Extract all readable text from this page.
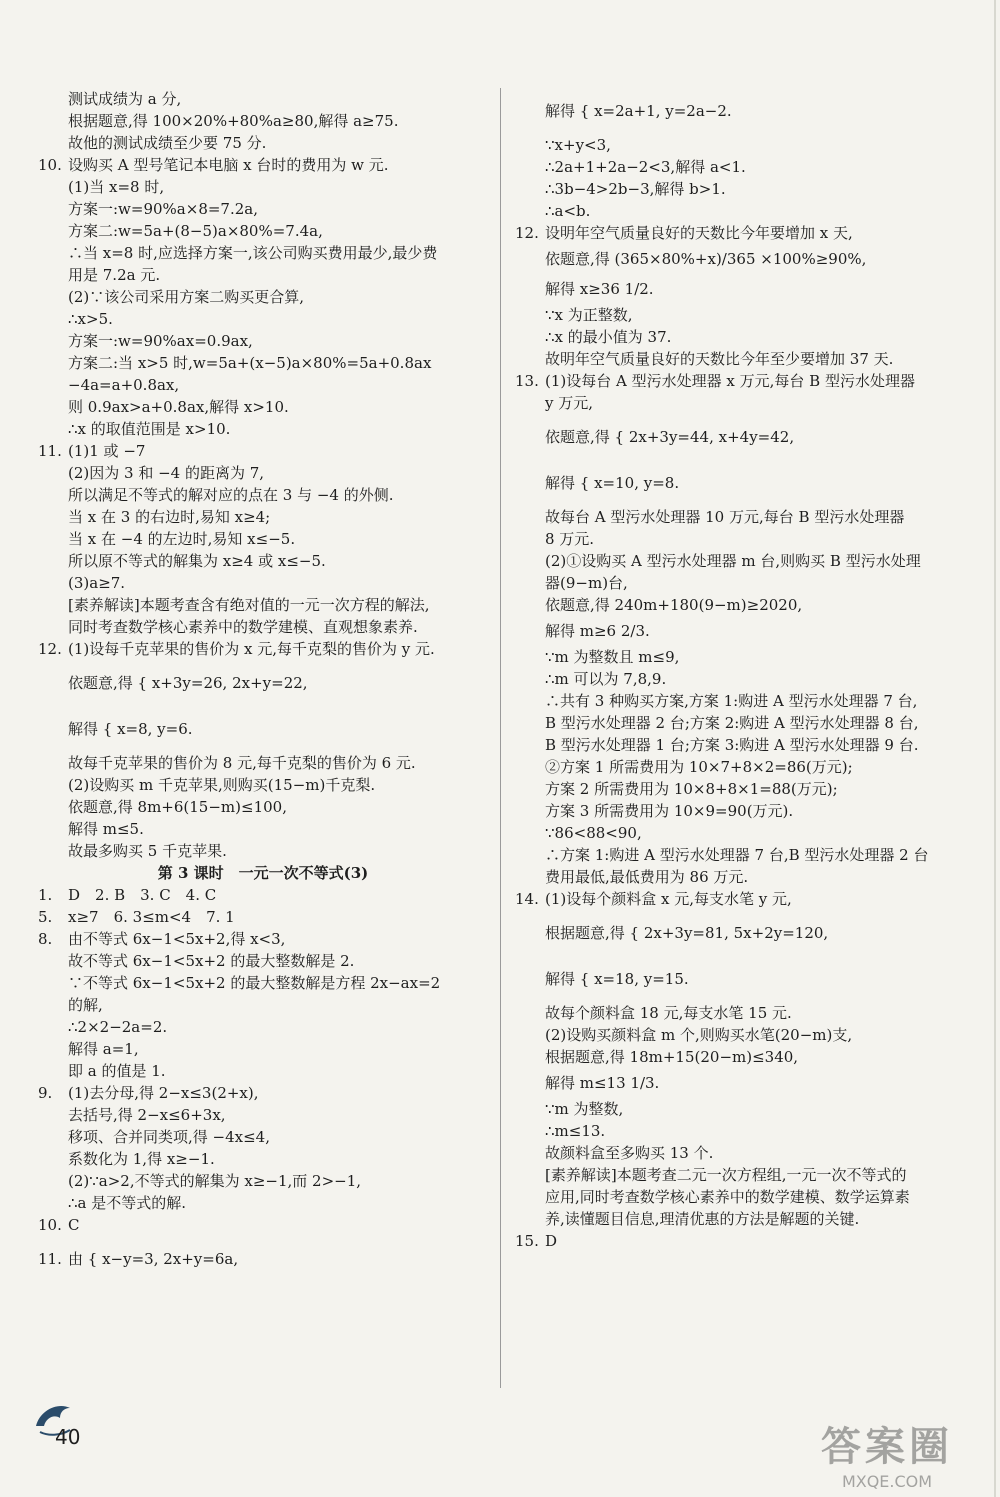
测试成绩为 a 分,
根据题意,得 100×20%+80%a≥80,解得 a≥75.
故他的测试成绩至少要 75 分.
10. 设购买 A 型号笔记本电脑 x 台时的费用为 w 元.
(1)当 x=8 时,
方案一:w=90%a×8=7.2a,
方案二:w=5a+(8−5)a×80%=7.4a,
∴当 x=8 时,应选择方案一,该公司购买费用最少,最少费
用是 7.2a 元.
(2)∵该公司采用方案二购买更合算,
∴x>5.
方案一:w=90%ax=0.9ax,
方案二:当 x>5 时,w=5a+(x−5)a×80%=5a+0.8ax
−4a=a+0.8ax,
则 0.9ax>a+0.8ax,解得 x>10.
∴x 的取值范围是 x>10.
11. (1)1 或 −7
(2)因为 3 和 −4 的距离为 7,
所以满足不等式的解对应的点在 3 与 −4 的外侧.
当 x 在 3 的右边时,易知 x≥4;
当 x 在 −4 的左边时,易知 x≤−5.
所以原不等式的解集为 x≥4 或 x≤−5.
(3)a≥7.
[素养解读]本题考查含有绝对值的一元一次方程的解法,
同时考查数学核心素养中的数学建模、直观想象素养.
12. (1)设每千克苹果的售价为 x 元,每千克梨的售价为 y 元.
依题意,得 { x+3y=26, 2x+y=22,
解得 { x=8, y=6.
故每千克苹果的售价为 8 元,每千克梨的售价为 6 元.
(2)设购买 m 千克苹果,则购买(15−m)千克梨.
依题意,得 8m+6(15−m)≤100,
解得 m≤5.
故最多购买 5 千克苹果.
第 3 课时　一元一次不等式(3)
1. D　2. B　3. C　4. C
5. x≥7　6. 3≤m<4　7. 1
8. 由不等式 6x−1<5x+2,得 x<3,
故不等式 6x−1<5x+2 的最大整数解是 2.
∵不等式 6x−1<5x+2 的最大整数解是方程 2x−ax=2
的解,
∴2×2−2a=2.
解得 a=1,
即 a 的值是 1.
9. (1)去分母,得 2−x≤3(2+x),
去括号,得 2−x≤6+3x,
移项、合并同类项,得 −4x≤4,
系数化为 1,得 x≥−1.
(2)∵a>2,不等式的解集为 x≥−1,而 2>−1,
∴a 是不等式的解.
10. C
11. 由 { x−y=3, 2x+y=6a,
解得 { x=2a+1, y=2a−2.
∵x+y<3,
∴2a+1+2a−2<3,解得 a<1.
∴3b−4>2b−3,解得 b>1.
∴a<b.
12. 设明年空气质量良好的天数比今年要增加 x 天,
依题意,得 (365×80%+x)/365 ×100%≥90%,
解得 x≥36 1/2.
∵x 为正整数,
∴x 的最小值为 37.
故明年空气质量良好的天数比今年至少要增加 37 天.
13. (1)设每台 A 型污水处理器 x 万元,每台 B 型污水处理器
y 万元,
依题意,得 { 2x+3y=44, x+4y=42,
解得 { x=10, y=8.
故每台 A 型污水处理器 10 万元,每台 B 型污水处理器
8 万元.
(2)①设购买 A 型污水处理器 m 台,则购买 B 型污水处理
器(9−m)台,
依题意,得 240m+180(9−m)≥2020,
解得 m≥6 2/3.
∵m 为整数且 m≤9,
∴m 可以为 7,8,9.
∴共有 3 种购买方案,方案 1:购进 A 型污水处理器 7 台,
B 型污水处理器 2 台;方案 2:购进 A 型污水处理器 8 台,
B 型污水处理器 1 台;方案 3:购进 A 型污水处理器 9 台.
②方案 1 所需费用为 10×7+8×2=86(万元);
方案 2 所需费用为 10×8+8×1=88(万元);
方案 3 所需费用为 10×9=90(万元).
∵86<88<90,
∴方案 1:购进 A 型污水处理器 7 台,B 型污水处理器 2 台
费用最低,最低费用为 86 万元.
14. (1)设每个颜料盒 x 元,每支水笔 y 元,
根据题意,得 { 2x+3y=81, 5x+2y=120,
解得 { x=18, y=15.
故每个颜料盒 18 元,每支水笔 15 元.
(2)设购买颜料盒 m 个,则购买水笔(20−m)支,
根据题意,得 18m+15(20−m)≤340,
解得 m≤13 1/3.
∵m 为整数,
∴m≤13.
故颜料盒至多购买 13 个.
[素养解读]本题考查二元一次方程组,一元一次不等式的
应用,同时考查数学核心素养中的数学建模、数学运算素
养,读懂题目信息,理清优惠的方法是解题的关键.
15. D
40	答案圈
MXQE.COM
